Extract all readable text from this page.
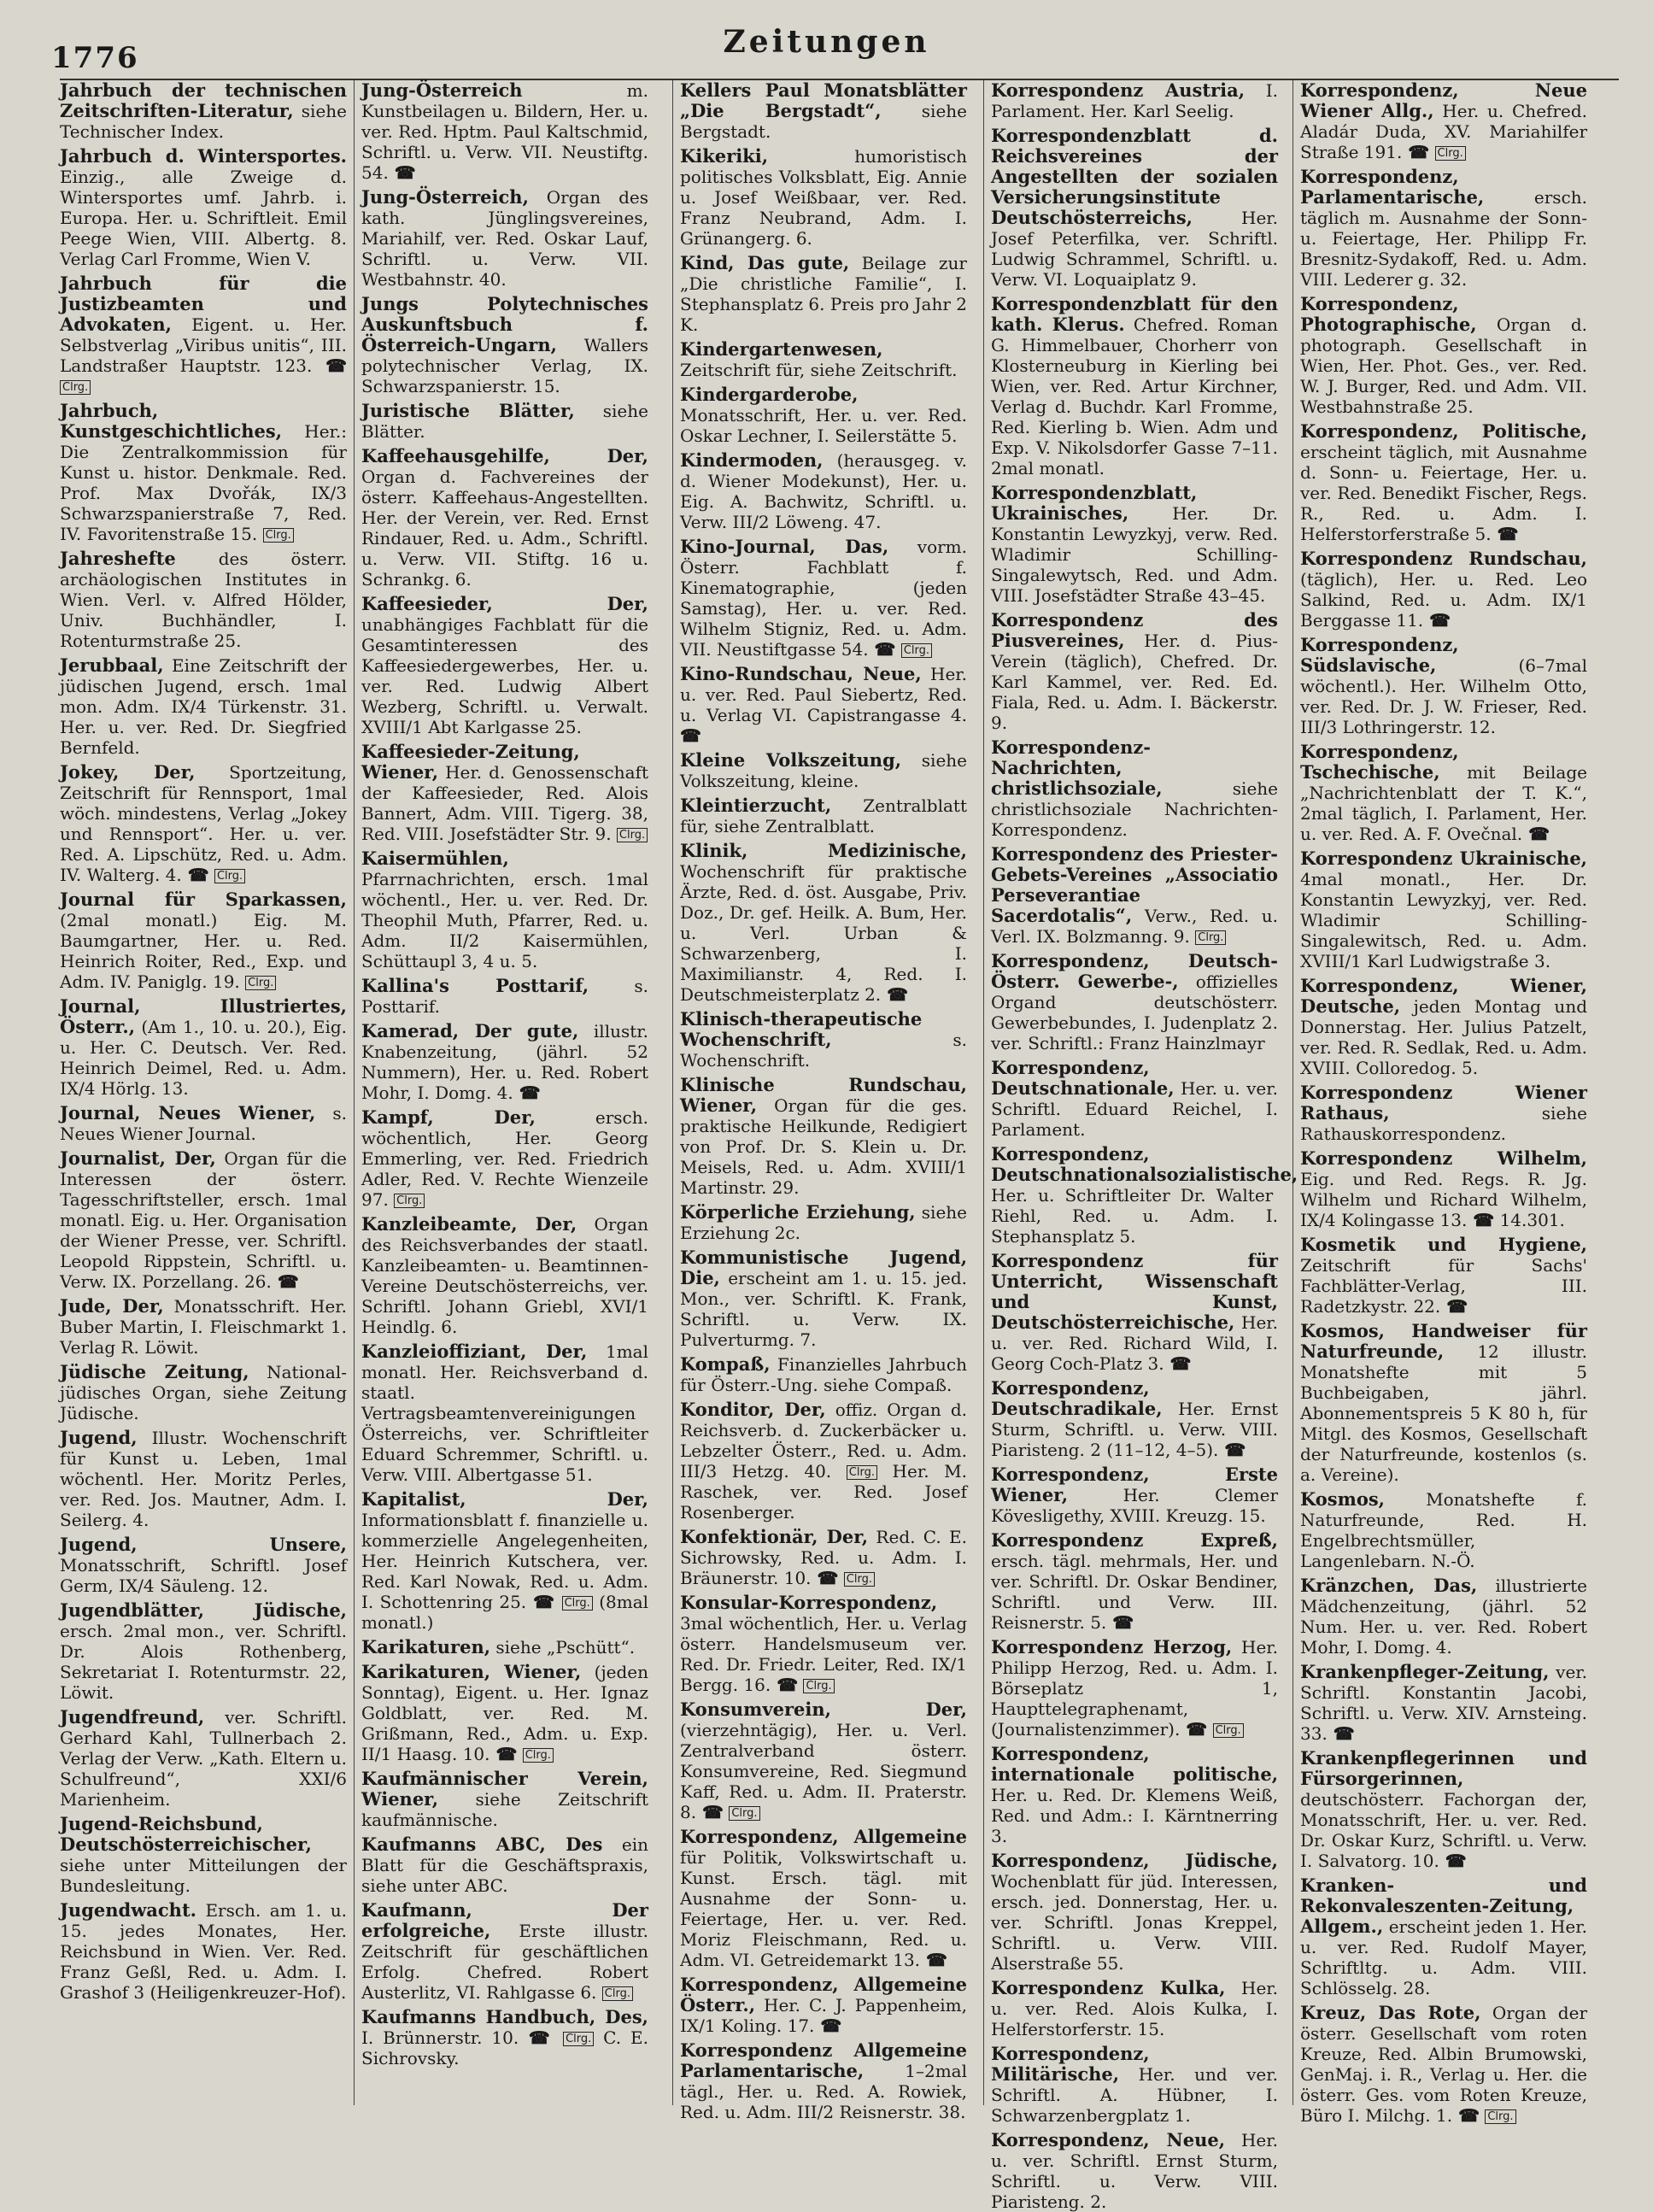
1776	Zeitungen
Jahrbuch der technischen Zeitschriften-Literatur, siehe Technischer Index.
Jahrbuch d. Wintersportes. Einzig., alle Zweige d. Wintersportes umf. Jahrb. i. Europa. Her. u. Schriftleit. Emil Peege Wien, VIII. Albertg. 8. Verlag Carl Fromme, Wien V.
Jahrbuch für die Justizbeamten und Advokaten, Eigent. u. Her. Selbstverlag „Viribus unitis“, III. Landstraßer Hauptstr. 123. ☎ Clrg.
Jahrbuch, Kunstgeschichtliches, Her.: Die Zentralkommission für Kunst u. histor. Denkmale. Red. Prof. Max Dvořák, IX/3 Schwarzspanierstraße 7, Red. IV. Favoritenstraße 15. Clrg.
Jahreshefte des österr. archäologischen Institutes in Wien. Verl. v. Alfred Hölder, Univ. Buchhändler, I. Rotenturmstraße 25.
Jerubbaal, Eine Zeitschrift der jüdischen Jugend, ersch. 1mal mon. Adm. IX/4 Türkenstr. 31. Her. u. ver. Red. Dr. Siegfried Bernfeld.
Jokey, Der, Sportzeitung, Zeitschrift für Rennsport, 1mal wöch. mindestens, Verlag „Jokey und Rennsport“. Her. u. ver. Red. A. Lipschütz, Red. u. Adm. IV. Walterg. 4. ☎ Clrg.
Journal für Sparkassen, (2mal monatl.) Eig. M. Baumgartner, Her. u. Red. Heinrich Roiter, Red., Exp. und Adm. IV. Paniglg. 19. Clrg.
Journal, Illustriertes, Österr., (Am 1., 10. u. 20.), Eig. u. Her. C. Deutsch. Ver. Red. Heinrich Deimel, Red. u. Adm. IX/4 Hörlg. 13.
Journal, Neues Wiener, s. Neues Wiener Journal.
Journalist, Der, Organ für die Interessen der österr. Tagesschriftsteller, ersch. 1mal monatl. Eig. u. Her. Organisation der Wiener Presse, ver. Schriftl. Leopold Rippstein, Schriftl. u. Verw. IX. Porzellang. 26. ☎
Jude, Der, Monatsschrift. Her. Buber Martin, I. Fleischmarkt 1. Verlag R. Löwit.
Jüdische Zeitung, National-jüdisches Organ, siehe Zeitung Jüdische.
Jugend, Illustr. Wochenschrift für Kunst u. Leben, 1mal wöchentl. Her. Moritz Perles, ver. Red. Jos. Mautner, Adm. I. Seilerg. 4.
Jugend, Unsere, Monatsschrift, Schriftl. Josef Germ, IX/4 Säuleng. 12.
Jugendblätter, Jüdische, ersch. 2mal mon., ver. Schriftl. Dr. Alois Rothenberg, Sekretariat I. Rotenturmstr. 22, Löwit.
Jugendfreund, ver. Schriftl. Gerhard Kahl, Tullnerbach 2. Verlag der Verw. „Kath. Eltern u. Schulfreund“, XXI/6 Marienheim.
Jugend-Reichsbund, Deutschösterreichischer, siehe unter Mitteilungen der Bundesleitung.
Jugendwacht. Ersch. am 1. u. 15. jedes Monates, Her. Reichsbund in Wien. Ver. Red. Franz Geßl, Red. u. Adm. I. Grashof 3 (Heiligenkreuzer-Hof).
Jung-Österreich m. Kunstbeilagen u. Bildern, Her. u. ver. Red. Hptm. Paul Kaltschmid, Schriftl. u. Verw. VII. Neustiftg. 54. ☎
Jung-Österreich, Organ des kath. Jünglingsvereines, Mariahilf, ver. Red. Oskar Lauf, Schriftl. u. Verw. VII. Westbahnstr. 40.
Jungs Polytechnisches Auskunftsbuch f. Österreich-Ungarn, Wallers polytechnischer Verlag, IX. Schwarzspanierstr. 15.
Juristische Blätter, siehe Blätter.
Kaffeehausgehilfe, Der, Organ d. Fachvereines der österr. Kaffeehaus-Angestellten. Her. der Verein, ver. Red. Ernst Rindauer, Red. u. Adm., Schriftl. u. Verw. VII. Stiftg. 16 u. Schrankg. 6.
Kaffeesieder, Der, unabhängiges Fachblatt für die Gesamtinteressen des Kaffeesiedergewerbes, Her. u. ver. Red. Ludwig Albert Wezberg, Schriftl. u. Verwalt. XVIII/1 Abt Karlgasse 25.
Kaffeesieder-Zeitung, Wiener, Her. d. Genossenschaft der Kaffeesieder, Red. Alois Bannert, Adm. VIII. Tigerg. 38, Red. VIII. Josefstädter Str. 9. Clrg.
Kaisermühlen, Pfarrnachrichten, ersch. 1mal wöchentl., Her. u. ver. Red. Dr. Theophil Muth, Pfarrer, Red. u. Adm. II/2 Kaisermühlen, Schüttaupl 3, 4 u. 5.
Kallina's Posttarif, s. Posttarif.
Kamerad, Der gute, illustr. Knabenzeitung, (jährl. 52 Nummern), Her. u. Red. Robert Mohr, I. Domg. 4. ☎
Kampf, Der, ersch. wöchentlich, Her. Georg Emmerling, ver. Red. Friedrich Adler, Red. V. Rechte Wienzeile 97. Clrg.
Kanzleibeamte, Der, Organ des Reichsverbandes der staatl. Kanzleibeamten- u. Beamtinnen-Vereine Deutschösterreichs, ver. Schriftl. Johann Griebl, XVI/1 Heindlg. 6.
Kanzleioffiziant, Der, 1mal monatl. Her. Reichsverband d. staatl. Vertragsbeamtenvereinigungen Österreichs, ver. Schriftleiter Eduard Schremmer, Schriftl. u. Verw. VIII. Albertgasse 51.
Kapitalist, Der, Informationsblatt f. finanzielle u. kommerzielle Angelegenheiten, Her. Heinrich Kutschera, ver. Red. Karl Nowak, Red. u. Adm. I. Schottenring 25. ☎ Clrg. (8mal monatl.)
Karikaturen, siehe „Pschütt“.
Karikaturen, Wiener, (jeden Sonntag), Eigent. u. Her. Ignaz Goldblatt, ver. Red. M. Grißmann, Red., Adm. u. Exp. II/1 Haasg. 10. ☎ Clrg.
Kaufmännischer Verein, Wiener, siehe Zeitschrift kaufmännische.
Kaufmanns ABC, Des ein Blatt für die Geschäftspraxis, siehe unter ABC.
Kaufmann, Der erfolgreiche, Erste illustr. Zeitschrift für geschäftlichen Erfolg. Chefred. Robert Austerlitz, VI. Rahlgasse 6. Clrg.
Kaufmanns Handbuch, Des, I. Brünnerstr. 10. ☎ Clrg. C. E. Sichrovsky.
Kellers Paul Monatsblätter „Die Bergstadt“, siehe Bergstadt.
Kikeriki, humoristisch politisches Volksblatt, Eig. Annie u. Josef Weißbaar, ver. Red. Franz Neubrand, Adm. I. Grünangerg. 6.
Kind, Das gute, Beilage zur „Die christliche Familie“, I. Stephansplatz 6. Preis pro Jahr 2 K.
Kindergartenwesen, Zeitschrift für, siehe Zeitschrift.
Kindergarderobe, Monatsschrift, Her. u. ver. Red. Oskar Lechner, I. Seilerstätte 5.
Kindermoden, (herausgeg. v. d. Wiener Modekunst), Her. u. Eig. A. Bachwitz, Schriftl. u. Verw. III/2 Löweng. 47.
Kino-Journal, Das, vorm. Österr. Fachblatt f. Kinematographie, (jeden Samstag), Her. u. ver. Red. Wilhelm Stigniz, Red. u. Adm. VII. Neustiftgasse 54. ☎ Clrg.
Kino-Rundschau, Neue, Her. u. ver. Red. Paul Siebertz, Red. u. Verlag VI. Capistrangasse 4. ☎
Kleine Volkszeitung, siehe Volkszeitung, kleine.
Kleintierzucht, Zentralblatt für, siehe Zentralblatt.
Klinik, Medizinische, Wochenschrift für praktische Ärzte, Red. d. öst. Ausgabe, Priv. Doz., Dr. gef. Heilk. A. Bum, Her. u. Verl. Urban & Schwarzenberg, I. Maximilianstr. 4, Red. I. Deutschmeisterplatz 2. ☎
Klinisch-therapeutische Wochenschrift, s. Wochenschrift.
Klinische Rundschau, Wiener, Organ für die ges. praktische Heilkunde, Redigiert von Prof. Dr. S. Klein u. Dr. Meisels, Red. u. Adm. XVIII/1 Martinstr. 29.
Körperliche Erziehung, siehe Erziehung 2c.
Kommunistische Jugend, Die, erscheint am 1. u. 15. jed. Mon., ver. Schriftl. K. Frank, Schriftl. u. Verw. IX. Pulverturmg. 7.
Kompaß, Finanzielles Jahrbuch für Österr.-Ung. siehe Compaß.
Konditor, Der, offiz. Organ d. Reichsverb. d. Zuckerbäcker u. Lebzelter Österr., Red. u. Adm. III/3 Hetzg. 40. Clrg. Her. M. Raschek, ver. Red. Josef Rosenberger.
Konfektionär, Der, Red. C. E. Sichrowsky, Red. u. Adm. I. Bräunerstr. 10. ☎ Clrg.
Konsular-Korrespondenz, 3mal wöchentlich, Her. u. Verlag österr. Handelsmuseum ver. Red. Dr. Friedr. Leiter, Red. IX/1 Bergg. 16. ☎ Clrg.
Konsumverein, Der, (vierzehntägig), Her. u. Verl. Zentralverband österr. Konsumvereine, Red. Siegmund Kaff, Red. u. Adm. II. Praterstr. 8. ☎ Clrg.
Korrespondenz, Allgemeine für Politik, Volkswirtschaft u. Kunst. Ersch. tägl. mit Ausnahme der Sonn- u. Feiertage, Her. u. ver. Red. Moriz Fleischmann, Red. u. Adm. VI. Getreidemarkt 13. ☎
Korrespondenz, Allgemeine Österr., Her. C. J. Pappenheim, IX/1 Koling. 17. ☎
Korrespondenz Allgemeine Parlamentarische, 1–2mal tägl., Her. u. Red. A. Rowiek, Red. u. Adm. III/2 Reisnerstr. 38.
Korrespondenz Austria, I. Parlament. Her. Karl Seelig.
Korrespondenzblatt d. Reichsvereines der Angestellten der sozialen Versicherungsinstitute Deutschösterreichs, Her. Josef Peterfilka, ver. Schriftl. Ludwig Schrammel, Schriftl. u. Verw. VI. Loquaiplatz 9.
Korrespondenzblatt für den kath. Klerus. Chefred. Roman G. Himmelbauer, Chorherr von Klosterneuburg in Kierling bei Wien, ver. Red. Artur Kirchner, Verlag d. Buchdr. Karl Fromme, Red. Kierling b. Wien. Adm und Exp. V. Nikolsdorfer Gasse 7–11. 2mal monatl.
Korrespondenzblatt, Ukrainisches, Her. Dr. Konstantin Lewyzkyj, verw. Red. Wladimir Schilling-Singalewytsch, Red. und Adm. VIII. Josefstädter Straße 43–45.
Korrespondenz des Piusvereines, Her. d. Pius-Verein (täglich), Chefred. Dr. Karl Kammel, ver. Red. Ed. Fiala, Red. u. Adm. I. Bäckerstr. 9.
Korrespondenz-Nachrichten, christlichsoziale, siehe christlichsoziale Nachrichten-Korrespondenz.
Korrespondenz des Priester-Gebets-Vereines „Associatio Perseverantiae Sacerdotalis“, Verw., Red. u. Verl. IX. Bolzmanng. 9. Clrg.
Korrespondenz, Deutsch-Österr. Gewerbe-, offizielles Organd deutschösterr. Gewerbebundes, I. Judenplatz 2. ver. Schriftl.: Franz Hainzlmayr
Korrespondenz, Deutschnationale, Her. u. ver. Schriftl. Eduard Reichel, I. Parlament.
Korrespondenz, Deutschnationalsozialistische, Her. u. Schriftleiter Dr. Walter Riehl, Red. u. Adm. I. Stephansplatz 5.
Korrespondenz für Unterricht, Wissenschaft und Kunst, Deutschösterreichische, Her. u. ver. Red. Richard Wild, I. Georg Coch-Platz 3. ☎
Korrespondenz, Deutschradikale, Her. Ernst Sturm, Schriftl. u. Verw. VIII. Piaristeng. 2 (11–12, 4–5). ☎
Korrespondenz, Erste Wiener, Her. Clemer Kövesligethy, XVIII. Kreuzg. 15.
Korrespondenz Expreß, ersch. tägl. mehrmals, Her. und ver. Schriftl. Dr. Oskar Bendiner, Schriftl. und Verw. III. Reisnerstr. 5. ☎
Korrespondenz Herzog, Her. Philipp Herzog, Red. u. Adm. I. Börseplatz 1, Haupttelegraphenamt, (Journalistenzimmer). ☎ Clrg.
Korrespondenz, internationale politische, Her. u. Red. Dr. Klemens Weiß, Red. und Adm.: I. Kärntnerring 3.
Korrespondenz, Jüdische, Wochenblatt für jüd. Interessen, ersch. jed. Donnerstag, Her. u. ver. Schriftl. Jonas Kreppel, Schriftl. u. Verw. VIII. Alserstraße 55.
Korrespondenz Kulka, Her. u. ver. Red. Alois Kulka, I. Helferstorferstr. 15.
Korrespondenz, Militärische, Her. und ver. Schriftl. A. Hübner, I. Schwarzenbergplatz 1.
Korrespondenz, Neue, Her. u. ver. Schriftl. Ernst Sturm, Schriftl. u. Verw. VIII. Piaristeng. 2.
Korrespondenz, Neue Wiener Allg., Her. u. Chefred. Aladár Duda, XV. Mariahilfer Straße 191. ☎ Clrg.
Korrespondenz, Parlamentarische, ersch. täglich m. Ausnahme der Sonn- u. Feiertage, Her. Philipp Fr. Bresnitz-Sydakoff, Red. u. Adm. VIII. Lederer g. 32.
Korrespondenz, Photographische, Organ d. photograph. Gesellschaft in Wien, Her. Phot. Ges., ver. Red. W. J. Burger, Red. und Adm. VII. Westbahnstraße 25.
Korrespondenz, Politische, erscheint täglich, mit Ausnahme d. Sonn- u. Feiertage, Her. u. ver. Red. Benedikt Fischer, Regs. R., Red. u. Adm. I. Helferstorferstraße 5. ☎
Korrespondenz Rundschau, (täglich), Her. u. Red. Leo Salkind, Red. u. Adm. IX/1 Berggasse 11. ☎
Korrespondenz, Südslavische, (6–7mal wöchentl.). Her. Wilhelm Otto, ver. Red. Dr. J. W. Frieser, Red. III/3 Lothringerstr. 12.
Korrespondenz, Tschechische, mit Beilage „Nachrichtenblatt der T. K.“, 2mal täglich, I. Parlament, Her. u. ver. Red. A. F. Ovečnal. ☎
Korrespondenz Ukrainische, 4mal monatl., Her. Dr. Konstantin Lewyzkyj, ver. Red. Wladimir Schilling-Singalewitsch, Red. u. Adm. XVIII/1 Karl Ludwigstraße 3.
Korrespondenz, Wiener, Deutsche, jeden Montag und Donnerstag. Her. Julius Patzelt, ver. Red. R. Sedlak, Red. u. Adm. XVIII. Colloredog. 5.
Korrespondenz Wiener Rathaus, siehe Rathauskorrespondenz.
Korrespondenz Wilhelm, Eig. und Red. Regs. R. Jg. Wilhelm und Richard Wilhelm, IX/4 Kolingasse 13. ☎ 14.301.
Kosmetik und Hygiene, Zeitschrift für Sachs' Fachblätter-Verlag, III. Radetzkystr. 22. ☎
Kosmos, Handweiser für Naturfreunde, 12 illustr. Monatshefte mit 5 Buchbeigaben, jährl. Abonnementspreis 5 K 80 h, für Mitgl. des Kosmos, Gesellschaft der Naturfreunde, kostenlos (s. a. Vereine).
Kosmos, Monatshefte f. Naturfreunde, Red. H. Engelbrechtsmüller, Langenlebarn. N.-Ö.
Kränzchen, Das, illustrierte Mädchenzeitung, (jährl. 52 Num. Her. u. ver. Red. Robert Mohr, I. Domg. 4.
Krankenpfleger-Zeitung, ver. Schriftl. Konstantin Jacobi, Schriftl. u. Verw. XIV. Arnsteing. 33. ☎
Krankenpflegerinnen und Fürsorgerinnen, deutschösterr. Fachorgan der, Monatsschrift, Her. u. ver. Red. Dr. Oskar Kurz, Schriftl. u. Verw. I. Salvatorg. 10. ☎
Kranken- und Rekonvaleszenten-Zeitung, Allgem., erscheint jeden 1. Her. u. ver. Red. Rudolf Mayer, Schriftltg. u. Adm. VIII. Schlösselg. 28.
Kreuz, Das Rote, Organ der österr. Gesellschaft vom roten Kreuze, Red. Albin Brumowski, GenMaj. i. R., Verlag u. Her. die österr. Ges. vom Roten Kreuze, Büro I. Milchg. 1. ☎ Clrg.
